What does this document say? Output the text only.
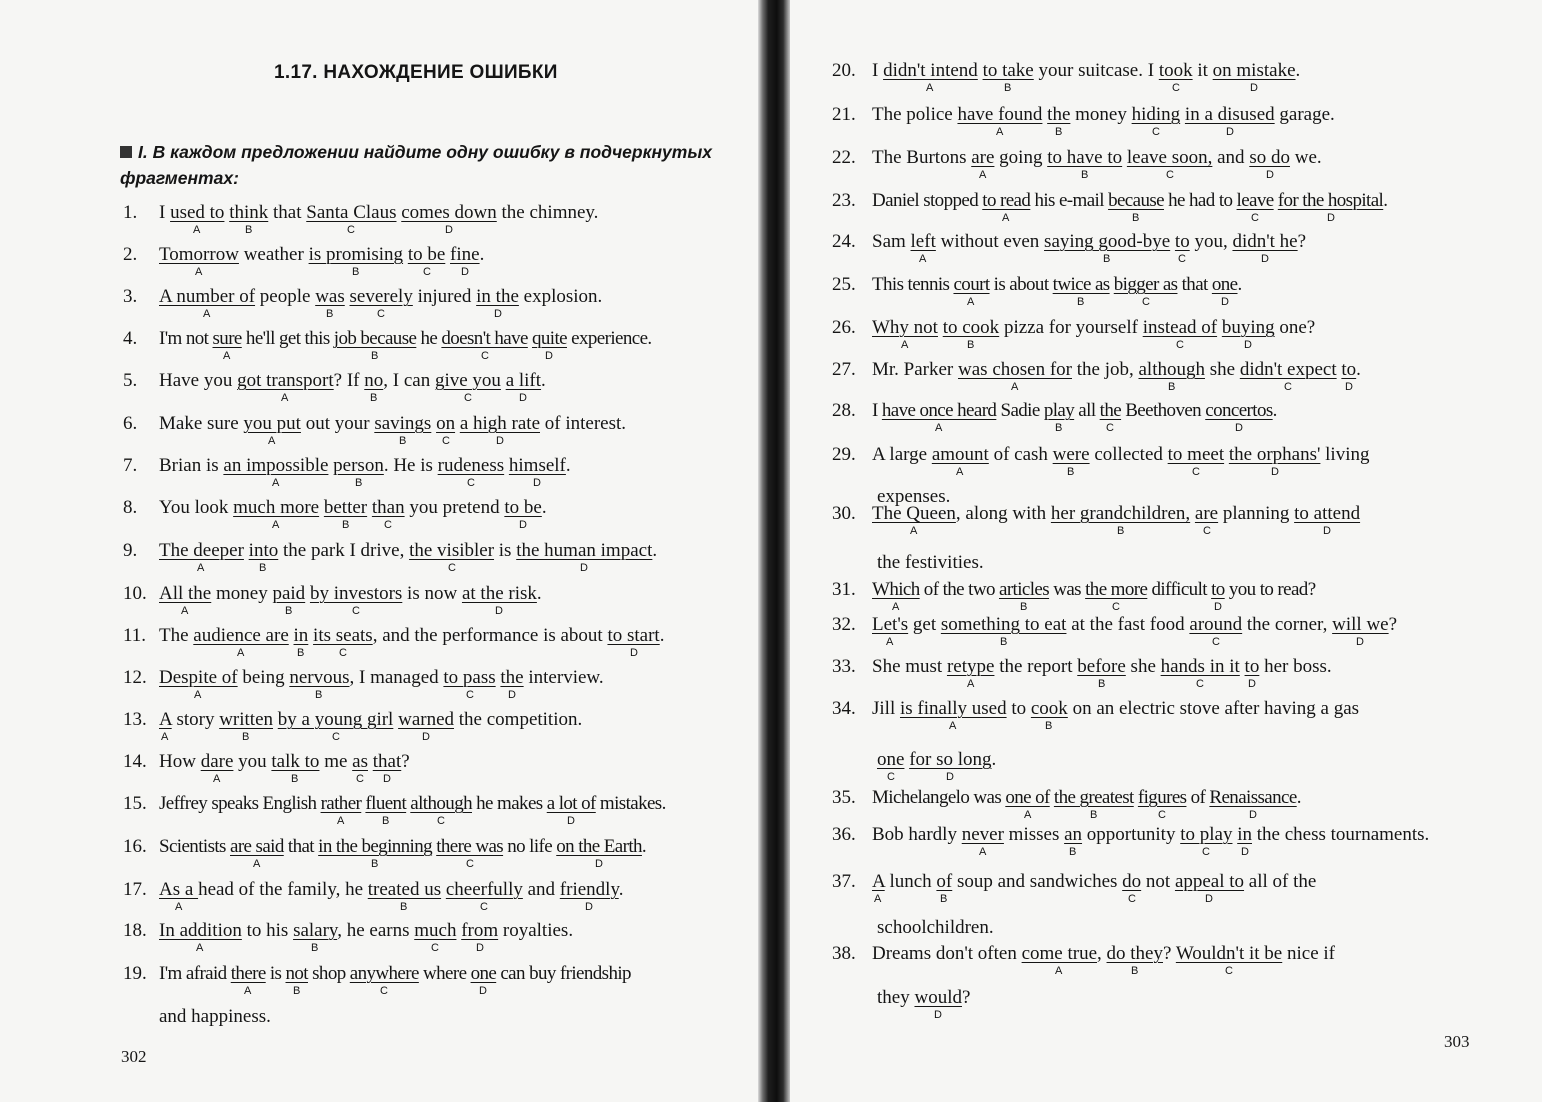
1.17. НАХОЖДЕНИЕ ОШИБКИ

I. В каждом предложении найдите одну ошибку в подчеркнутых фрагментах:

1. I used to think that Santa Claus comes down the chimney.
A	B	C	D
2. Tomorrow weather is promising to be fine.
A	B	C	D
3. A number of people was severely injured in the explosion.
A	B	C	D
4. I'm not sure he'll get this job because he doesn't have quite experience.
A	B	C	D
5. Have you got transport? If no, I can give you a lift.
A	B	C	D
6. Make sure you put out your savings on a high rate of interest.
A	B	C	D
7. Brian is an impossible person. He is rudeness himself.
A	B	C	D
8. You look much more better than you pretend to be.
A	B	C	D
9. The deeper into the park I drive, the visibler is the human impact.
A	B	C	D
10. All the money paid by investors is now at the risk.
A	B	C	D
11. The audience are in its seats, and the performance is about to start.
A	B	C	D
12. Despite of being nervous, I managed to pass the interview.
A	B	C	D
13. A story written by a young girl warned the competition.
A	B	C	D
14. How dare you talk to me as that?
A	B	C D
15. Jeffrey speaks English rather fluent although he makes a lot of mistakes.
A	B	C	D
16. Scientists are said that in the beginning there was no life on the Earth.
A	B	C	D
17. As a head of the family, he treated us cheerfully and friendly.
A	B	C	D
18. In addition to his salary, he earns much from royalties.
A	B	C	D
19. I'm afraid there is not shop anywhere where one can buy friendship
A	B	C	D
and happiness.
20. I didn't intend to take your suitcase. I took it on mistake.
A	B	C	D
21. The police have found the money hiding in a disused garage.
A	B	C	D
22. The Burtons are going to have to leave soon, and so do we.
A	B	C	D
23. Daniel stopped to read his e-mail because he had to leave for the hospital.
A	B	C	D
24. Sam left without even saying good-bye to you, didn't he?
A	B	C	D
25. This tennis court is about twice as bigger as that one.
A	B	C	D
26. Why not to cook pizza for yourself instead of buying one?
A	B	C	D
27. Mr. Parker was chosen for the job, although she didn't expect to.
A	B	C	D
28. I have once heard Sadie play all the Beethoven concertos.
A	B	C	D
29. A large amount of cash were collected to meet the orphans' living
A	B	C	D
expenses.
30. The Queen, along with her grandchildren, are planning to attend
A	B	C	D
the festivities.
31. Which of the two articles was the more difficult to you to read?
A	B	C	D
32. Let's get something to eat at the fast food around the corner, will we?
A	B	C	D
33. She must retype the report before she hands in it to her boss.
A	B	C	D
34. Jill is finally used to cook on an electric stove after having a gas
A	B
one for so long.
C	D
35. Michelangelo was one of the greatest figures of Renaissance.
A	B	C	D
36. Bob hardly never misses an opportunity to play in the chess tournaments.
A	B	C	D
37. A lunch of soup and sandwiches do not appeal to all of the
A	B	C	D
schoolchildren.
38. Dreams don't often come true, do they? Wouldn't it be nice if
A	B	C
they would?
D
302
303
